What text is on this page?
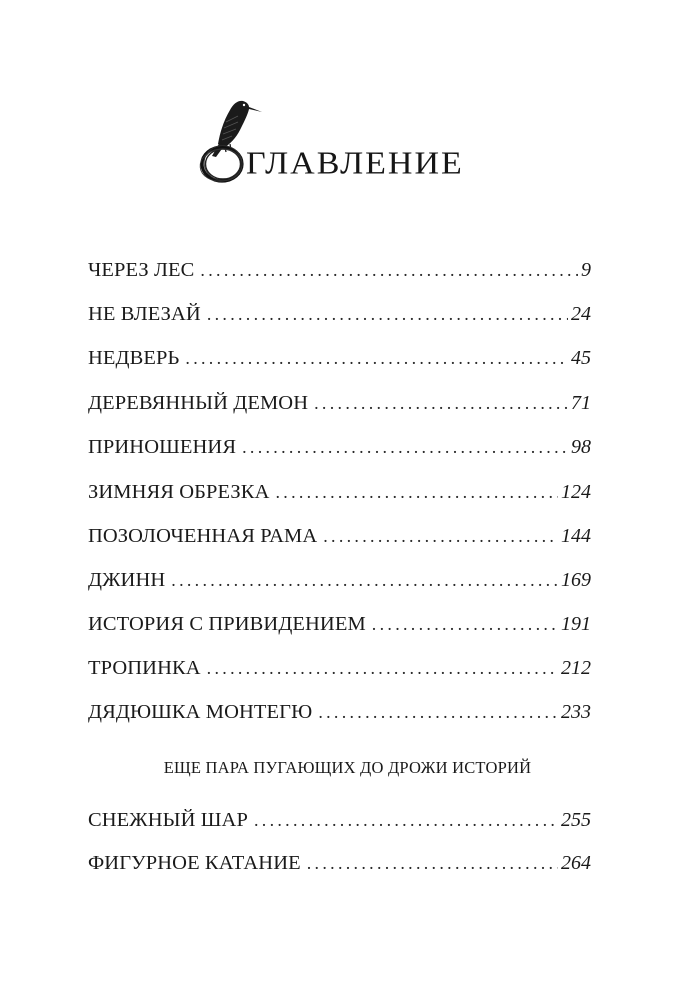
ГЛАВЛЕНИЕ
ЧЕРЕЗ ЛЕС .....	9
НЕ ВЛЕЗАЙ .....	24
НЕДВЕРЬ .....	45
ДЕРЕВЯННЫЙ ДЕМОН .....	71
ПРИНОШЕНИЯ .....	98
ЗИМНЯЯ ОБРЕЗКА .....	124
ПОЗОЛОЧЕННАЯ РАМА .....	144
ДЖИНН .....	169
ИСТОРИЯ С ПРИВИДЕНИЕМ .....	191
ТРОПИНКА .....	212
ДЯДЮШКА МОНТЕГЮ .....	233
СНЕЖНЫЙ ШАР .....	255
ФИГУРНОЕ КАТАНИЕ .....	264
ЕЩЕ ПАРА ПУГАЮЩИХ ДО ДРОЖИ ИСТОРИЙ
